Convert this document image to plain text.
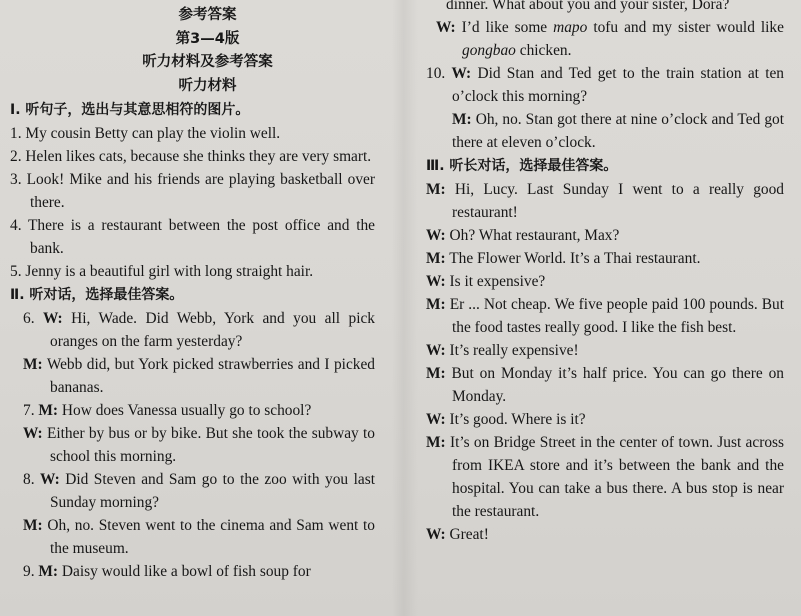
参考答案
第3—4版
听力材料及参考答案
听力材料
Ⅰ. 听句子，选出与其意思相符的图片。
1. My cousin Betty can play the violin well.
2. Helen likes cats, because she thinks they are very smart.
3. Look! Mike and his friends are playing basketball over there.
4. There is a restaurant between the post office and the bank.
5. Jenny is a beautiful girl with long straight hair.
Ⅱ. 听对话，选择最佳答案。
6. W: Hi, Wade. Did Webb, York and you all pick oranges on the farm yesterday?
M: Webb did, but York picked strawberries and I picked bananas.
7. M: How does Vanessa usually go to school?
W: Either by bus or by bike. But she took the subway to school this morning.
8. W: Did Steven and Sam go to the zoo with you last Sunday morning?
M: Oh, no. Steven went to the cinema and Sam went to the museum.
9. M: Daisy would like a bowl of fish soup for
dinner. What about you and your sister, Dora?
W: I’d like some mapo tofu and my sister would like gongbao chicken.
10. W: Did Stan and Ted get to the train station at ten o’clock this morning?
M: Oh, no. Stan got there at nine o’clock and Ted got there at eleven o’clock.
Ⅲ. 听长对话，选择最佳答案。
M: Hi, Lucy. Last Sunday I went to a really good restaurant!
W: Oh? What restaurant, Max?
M: The Flower World. It’s a Thai restaurant.
W: Is it expensive?
M: Er ... Not cheap. We five people paid 100 pounds. But the food tastes really good. I like the fish best.
W: It’s really expensive!
M: But on Monday it’s half price. You can go there on Monday.
W: It’s good. Where is it?
M: It’s on Bridge Street in the center of town. Just across from IKEA store and it’s between the bank and the hospital. You can take a bus there. A bus stop is near the restaurant.
W: Great!
